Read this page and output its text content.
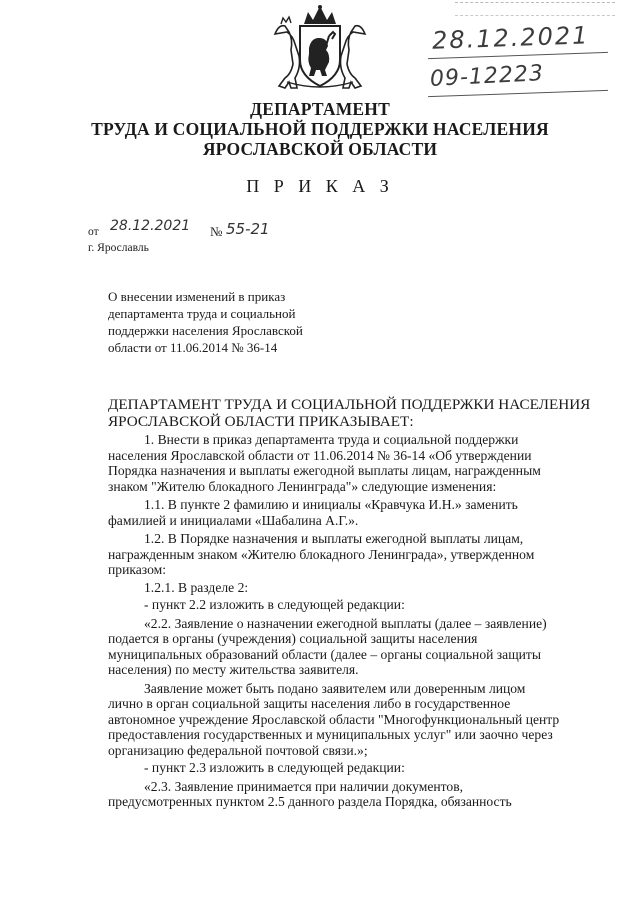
28.12.2021
09-12223
ДЕПАРТАМЕНТ
ТРУДА И СОЦИАЛЬНОЙ ПОДДЕРЖКИ НАСЕЛЕНИЯ
ЯРОСЛАВСКОЙ ОБЛАСТИ
П Р И К А З
от 28.12.2021 № 55-21
г. Ярославль
О внесении изменений в приказ
департамента труда и социальной
поддержки населения Ярославской
области от 11.06.2014 № 36-14
ДЕПАРТАМЕНТ ТРУДА И СОЦИАЛЬНОЙ ПОДДЕРЖКИ НАСЕЛЕНИЯ
ЯРОСЛАВСКОЙ ОБЛАСТИ ПРИКАЗЫВАЕТ:
1. Внести в приказ департамента труда и социальной поддержки
населения Ярославской области от 11.06.2014 № 36-14 «Об утверждении
Порядка назначения и выплаты ежегодной выплаты лицам, награжденным
знаком "Жителю блокадного Ленинграда"» следующие изменения:
1.1. В пункте 2 фамилию и инициалы «Кравчука И.Н.» заменить
фамилией и инициалами «Шабалина А.Г.».
1.2. В Порядке назначения и выплаты ежегодной выплаты лицам,
награжденным знаком «Жителю блокадного Ленинграда», утвержденном
приказом:
1.2.1. В разделе 2:
- пункт 2.2 изложить в следующей редакции:
«2.2. Заявление о назначении ежегодной выплаты (далее – заявление)
подается в органы (учреждения) социальной защиты населения
муниципальных образований области (далее – органы социальной защиты
населения) по месту жительства заявителя.
Заявление может быть подано заявителем или доверенным лицом
лично в орган социальной защиты населения либо в государственное
автономное учреждение Ярославской области "Многофункциональный центр
предоставления государственных и муниципальных услуг" или заочно через
организацию федеральной почтовой связи.»;
- пункт 2.3 изложить в следующей редакции:
«2.3. Заявление принимается при наличии документов,
предусмотренных пунктом 2.5 данного раздела Порядка, обязанность
